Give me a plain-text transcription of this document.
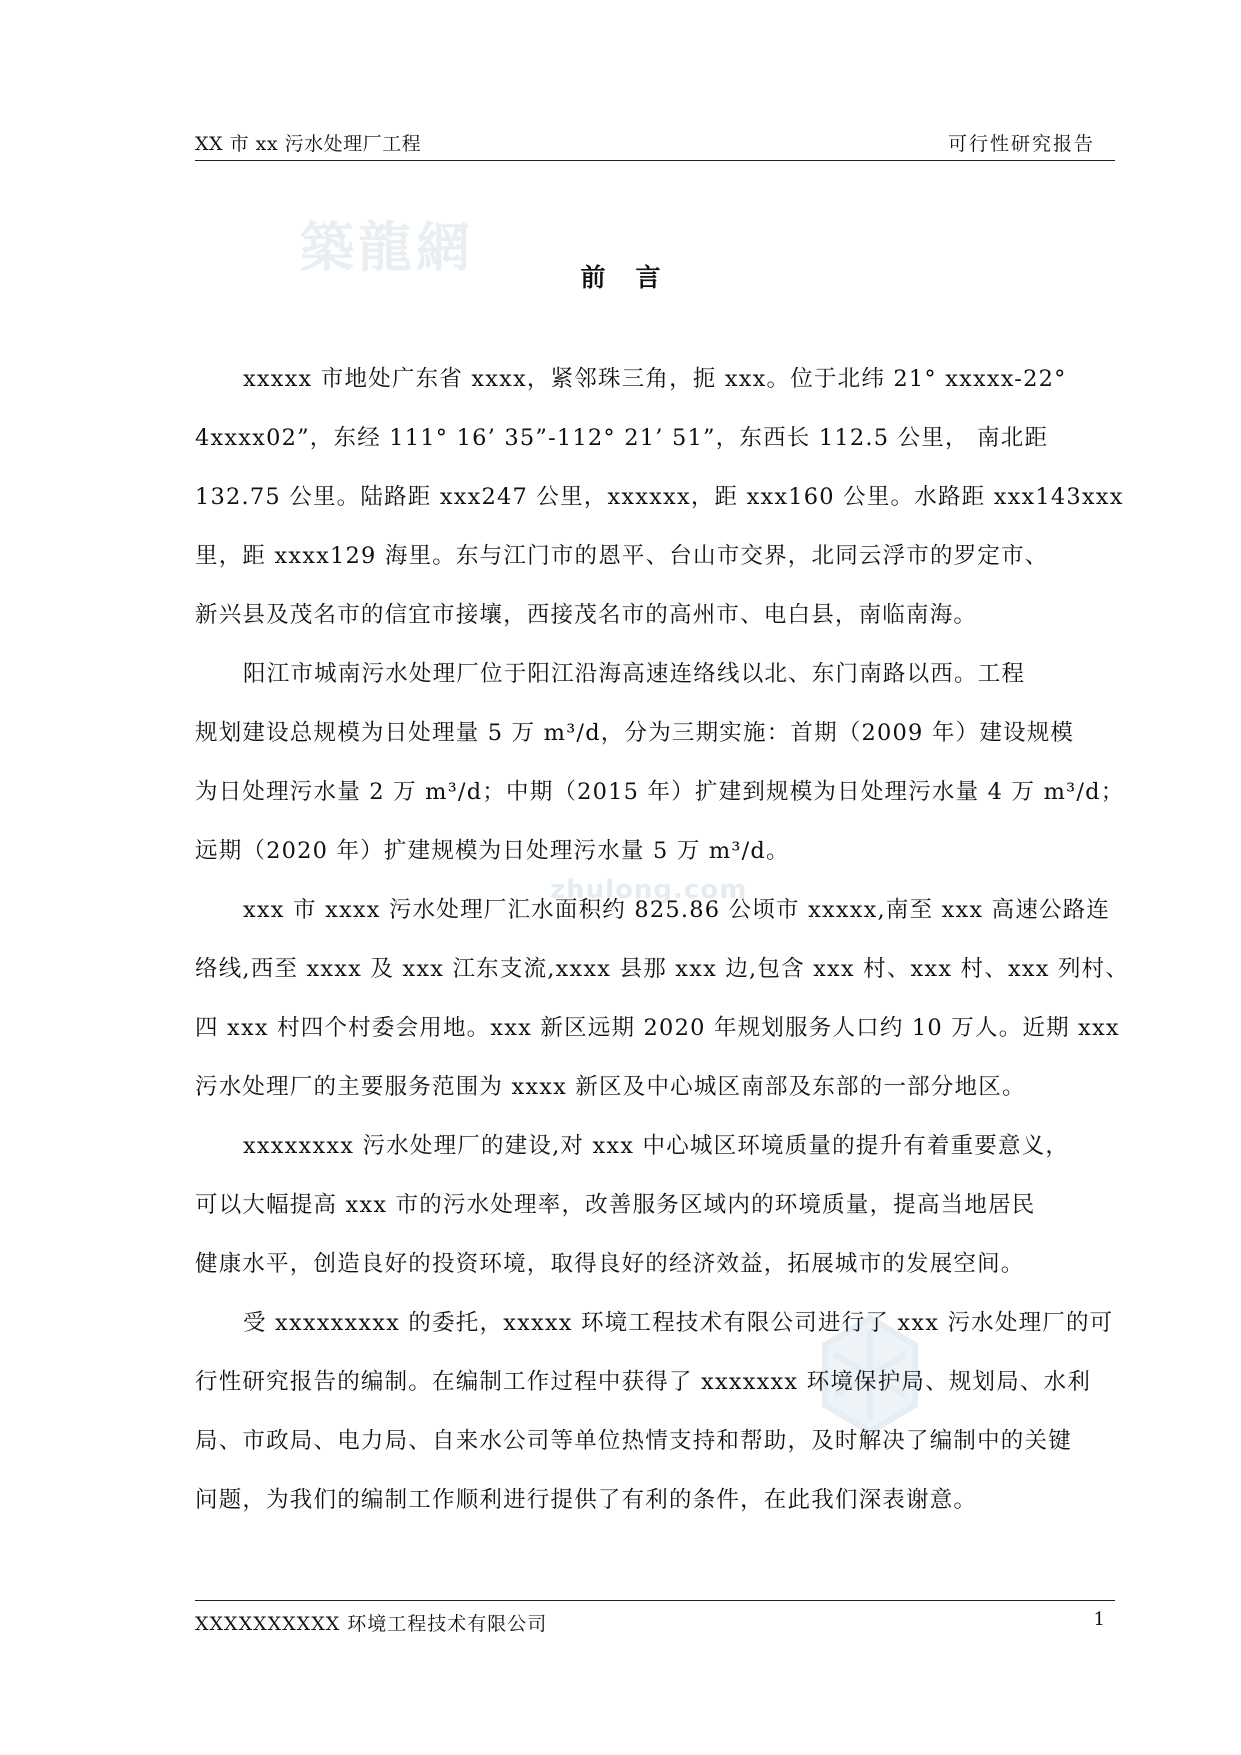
XX 市 xx 污水处理厂工程	可行性研究报告
築龍網
zhulong.com
前言
xxxxx 市地处广东省 xxxx，紧邻珠三角，扼 xxx。位于北纬 21° xxxxx-22°
4xxxx02”，东经 111° 16’ 35”-112° 21’ 51”，东西长 112.5 公里， 南北距
132.75 公里。陆路距 xxx247 公里，xxxxxx，距 xxx160 公里。水路距 xxx143xxx
里，距 xxxx129 海里。东与江门市的恩平、台山市交界，北同云浮市的罗定市、
新兴县及茂名市的信宜市接壤，西接茂名市的高州市、电白县，南临南海。
阳江市城南污水处理厂位于阳江沿海高速连络线以北、东门南路以西。工程
规划建设总规模为日处理量 5 万 m³/d，分为三期实施：首期（2009 年）建设规模
为日处理污水量 2 万 m³/d；中期（2015 年）扩建到规模为日处理污水量 4 万 m³/d；
远期（2020 年）扩建规模为日处理污水量 5 万 m³/d。
xxx 市 xxxx 污水处理厂汇水面积约 825.86 公顷市 xxxxx,南至 xxx 高速公路连
络线,西至 xxxx 及 xxx 江东支流,xxxx 县那 xxx 边,包含 xxx 村、xxx 村、xxx 列村、
四 xxx 村四个村委会用地。xxx 新区远期 2020 年规划服务人口约 10 万人。近期 xxx
污水处理厂的主要服务范围为 xxxx 新区及中心城区南部及东部的一部分地区。
xxxxxxxx 污水处理厂的建设,对 xxx 中心城区环境质量的提升有着重要意义，
可以大幅提高 xxx 市的污水处理率，改善服务区域内的环境质量，提高当地居民
健康水平，创造良好的投资环境，取得良好的经济效益，拓展城市的发展空间。
受 xxxxxxxxx 的委托，xxxxx 环境工程技术有限公司进行了 xxx 污水处理厂的可
行性研究报告的编制。在编制工作过程中获得了 xxxxxxx 环境保护局、规划局、水利
局、市政局、电力局、自来水公司等单位热情支持和帮助，及时解决了编制中的关键
问题，为我们的编制工作顺利进行提供了有利的条件，在此我们深表谢意。
XXXXXXXXXX 环境工程技术有限公司	1
